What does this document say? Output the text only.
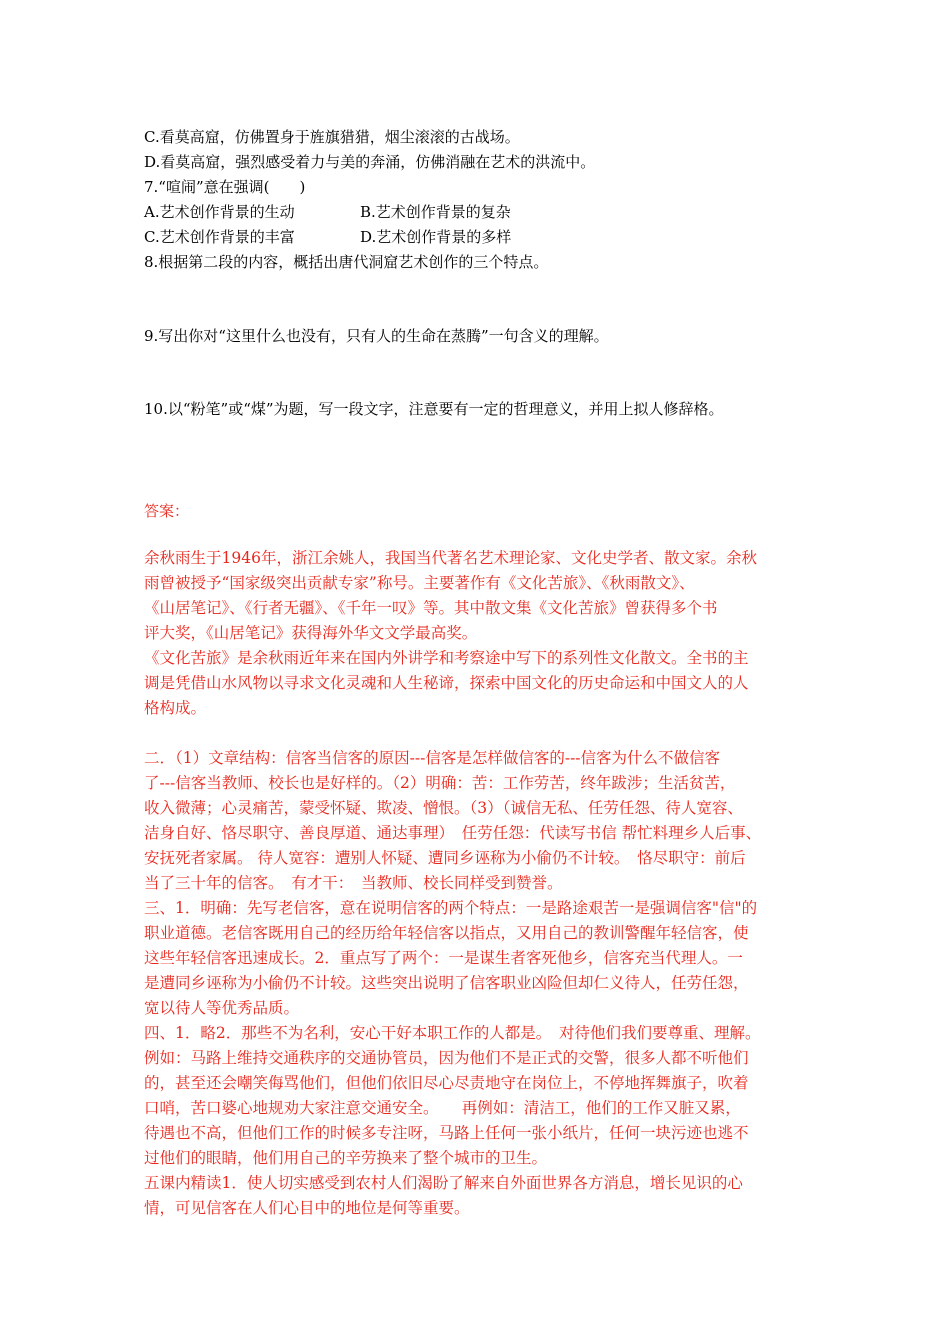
C.看莫高窟，仿佛置身于旌旗猎猎，烟尘滚滚的古战场。
D.看莫高窟，强烈感受着力与美的奔涌，仿佛消融在艺术的洪流中。
7.“喧闹”意在强调(　　)
A.艺术创作背景的生动	B.艺术创作背景的复杂
C.艺术创作背景的丰富	D.艺术创作背景的多样
8.根据第二段的内容，概括出唐代洞窟艺术创作的三个特点。
9.写出你对“这里什么也没有，只有人的生命在蒸腾”一句含义的理解。
10.以“粉笔”或“煤”为题，写一段文字，注意要有一定的哲理意义，并用上拟人修辞格。
答案：
余秋雨生于1946年，浙江余姚人，我国当代著名艺术理论家、文化史学者、散文家。余秋
雨曾被授予“国家级突出贡献专家”称号。主要著作有《文化苦旅》、《秋雨散文》、
《山居笔记》、《行者无疆》、《千年一叹》等。其中散文集《文化苦旅》曾获得多个书
评大奖，《山居笔记》获得海外华文文学最高奖。
《文化苦旅》是余秋雨近年来在国内外讲学和考察途中写下的系列性文化散文。全书的主
调是凭借山水风物以寻求文化灵魂和人生秘谛，探索中国文化的历史命运和中国文人的人
格构成。
二．（1）文章结构：信客当信客的原因---信客是怎样做信客的---信客为什么不做信客
了---信客当教师、校长也是好样的。（2）明确：苦：工作劳苦，终年跋涉；生活贫苦，
收入微薄；心灵痛苦，蒙受怀疑、欺凌、憎恨。（3）（诚信无私、任劳任怨、待人宽容、
洁身自好、恪尽职守、善良厚道、通达事理）　任劳任怨：代读写书信 帮忙料理乡人后事、
安抚死者家属。 待人宽容：遭别人怀疑、遭同乡诬称为小偷仍不计较。　恪尽职守：前后
当了三十年的信客。　有才干：　当教师、校长同样受到赞誉。
三、1．明确：先写老信客，意在说明信客的两个特点：一是路途艰苦一是强调信客"信"的
职业道德。老信客既用自己的经历给年轻信客以指点，又用自己的教训警醒年轻信客，使
这些年轻信客迅速成长。2．重点写了两个：一是谋生者客死他乡，信客充当代理人。一
是遭同乡诬称为小偷仍不计较。这些突出说明了信客职业凶险但却仁义待人，任劳任怨，
宽以待人等优秀品质。
四、1．略2．那些不为名利，安心干好本职工作的人都是。　对待他们我们要尊重、理解。
例如：马路上维持交通秩序的交通协管员，因为他们不是正式的交警，很多人都不听他们
的，甚至还会嘲笑侮骂他们，但他们依旧尽心尽责地守在岗位上，不停地挥舞旗子，吹着
口哨，苦口婆心地规劝大家注意交通安全。　　再例如：清洁工，他们的工作又脏又累，
待遇也不高，但他们工作的时候多专注呀，马路上任何一张小纸片，任何一块污迹也逃不
过他们的眼睛，他们用自己的辛劳换来了整个城市的卫生。
五课内精读1．使人切实感受到农村人们渴盼了解来自外面世界各方消息，增长见识的心
情，可见信客在人们心目中的地位是何等重要。
